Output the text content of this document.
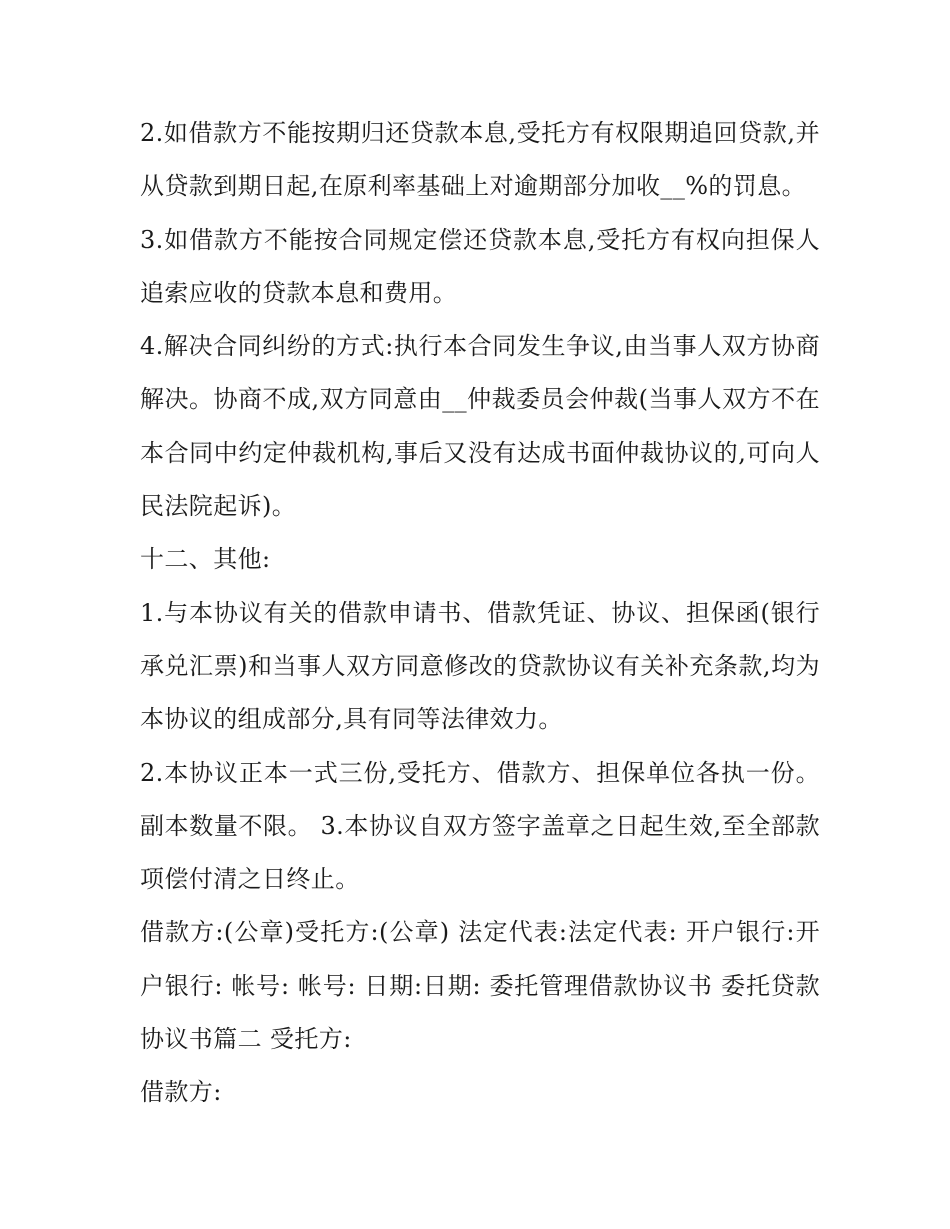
2.如借款方不能按期归还贷款本息,受托方有权限期追回贷款,并从贷款到期日起,在原利率基础上对逾期部分加收__%的罚息。

3.如借款方不能按合同规定偿还贷款本息,受托方有权向担保人追索应收的贷款本息和费用。

4.解决合同纠纷的方式:执行本合同发生争议,由当事人双方协商解决。协商不成,双方同意由__仲裁委员会仲裁(当事人双方不在本合同中约定仲裁机构,事后又没有达成书面仲裁协议的,可向人民法院起诉)。

十二、其他:

1.与本协议有关的借款申请书、借款凭证、协议、担保函(银行承兑汇票)和当事人双方同意修改的贷款协议有关补充条款,均为本协议的组成部分,具有同等法律效力。

2.本协议正本一式三份,受托方、借款方、担保单位各执一份。副本数量不限。 3.本协议自双方签字盖章之日起生效,至全部款项偿付清之日终止。

借款方:(公章)受托方:(公章) 法定代表:法定代表: 开户银行:开户银行: 帐号: 帐号: 日期:日期: 委托管理借款协议书 委托贷款协议书篇二 受托方:

借款方:
